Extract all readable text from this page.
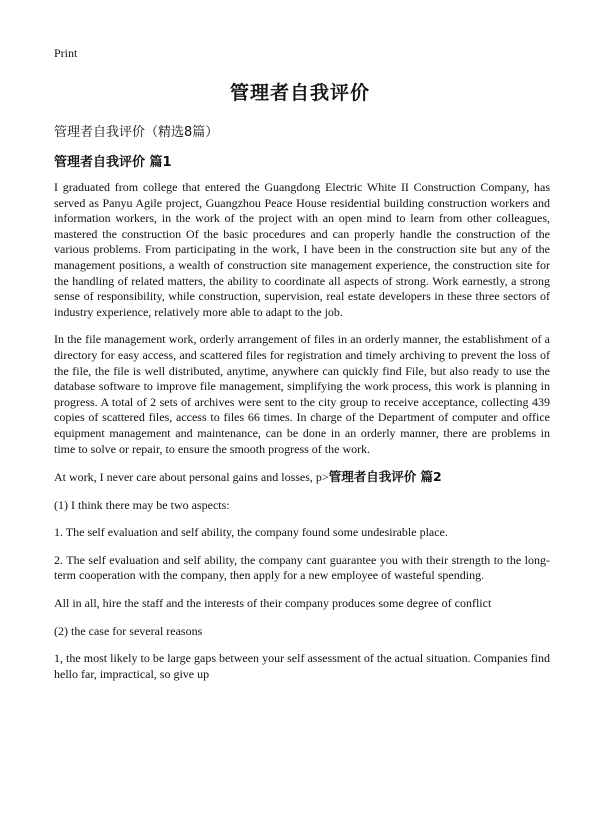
Print
管理者自我评价
管理者自我评价（精选8篇）
管理者自我评价 篇1

I graduated from college that entered the Guangdong Electric White II Construction Company, has served as Panyu Agile project, Guangzhou Peace House residential building construction workers and information workers, in the work of the project with an open mind to learn from other colleagues, mastered the construction Of the basic procedures and can properly handle the construction of the various problems. From participating in the work, I have been in the construction site but any of the management positions, a wealth of construction site management experience, the construction site for the handling of related matters, the ability to coordinate all aspects of strong. Work earnestly, a strong sense of responsibility, while construction, supervision, real estate developers in these three sectors of industry experience, relatively more able to adapt to the job.

In the file management work, orderly arrangement of files in an orderly manner, the establishment of a directory for easy access, and scattered files for registration and timely archiving to prevent the loss of the file, the file is well distributed, anytime, anywhere can quickly find File, but also ready to use the database software to improve file management, simplifying the work process, this work is planning in progress. A total of 2 sets of archives were sent to the city group to receive acceptance, collecting 439 copies of scattered files, access to files 66 times. In charge of the Department of computer and office equipment management and maintenance, can be done in an orderly manner, there are problems in time to solve or repair, to ensure the smooth progress of the work.

At work, I never care about personal gains and losses, p>管理者自我评价 篇2

(1) I think there may be two aspects:

1. The self evaluation and self ability, the company found some undesirable place.

2. The self evaluation and self ability, the company cant guarantee you with their strength to the long-term cooperation with the company, then apply for a new employee of wasteful spending.

All in all, hire the staff and the interests of their company produces some degree of conflict

(2) the case for several reasons

1, the most likely to be large gaps between your self assessment of the actual situation. Companies find hello far, impractical, so give up
